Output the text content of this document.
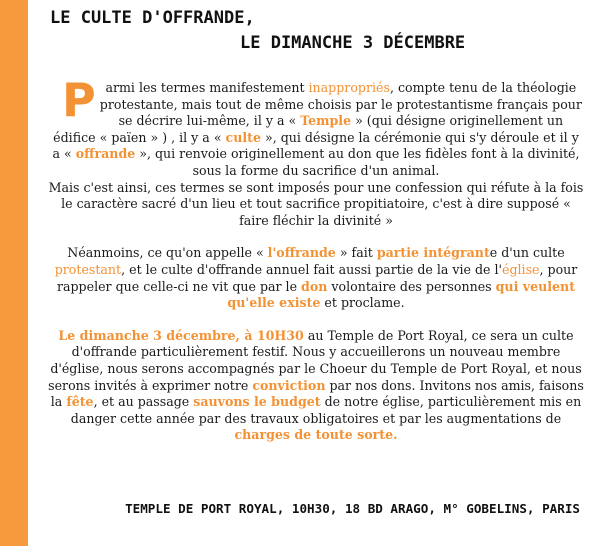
LE CULTE D'OFFRANDE,
LE DIMANCHE 3 DÉCEMBRE

Parmi les termes manifestement inappropriés, compte tenu de la théologie protestante, mais tout de même choisis par le protestantisme français pour se décrire lui-même, il y a « Temple » (qui désigne originellement un édifice « païen » ) , il y a « culte », qui désigne la cérémonie qui s'y déroule et il y a « offrande », qui renvoie originellement au don que les fidèles font à la divinité, sous la forme du sacrifice d'un animal.
Mais c'est ainsi, ces termes se sont imposés pour une confession qui réfute à la fois le caractère sacré d'un lieu et tout sacrifice propitiatoire, c'est à dire supposé « faire fléchir la divinité »

Néanmoins, ce qu'on appelle « l'offrande » fait partie intégrante d'un culte protestant, et le culte d'offrande annuel fait aussi partie de la vie de l'église, pour rappeler que celle-ci ne vit que par le don volontaire des personnes qui veulent qu'elle existe et proclame.

Le dimanche 3 décembre, à 10H30 au Temple de Port Royal, ce sera un culte d'offrande particulièrement festif. Nous y accueillerons un nouveau membre d'église, nous serons accompagnés par le Choeur du Temple de Port Royal, et nous serons invités à exprimer notre conviction par nos dons. Invitons nos amis, faisons la fête, et au passage sauvons le budget de notre église, particulièrement mis en danger cette année par des travaux obligatoires et par les augmentations de charges de toute sorte.

TEMPLE DE PORT ROYAL, 10H30, 18 BD ARAGO, M° GOBELINS, PARIS
